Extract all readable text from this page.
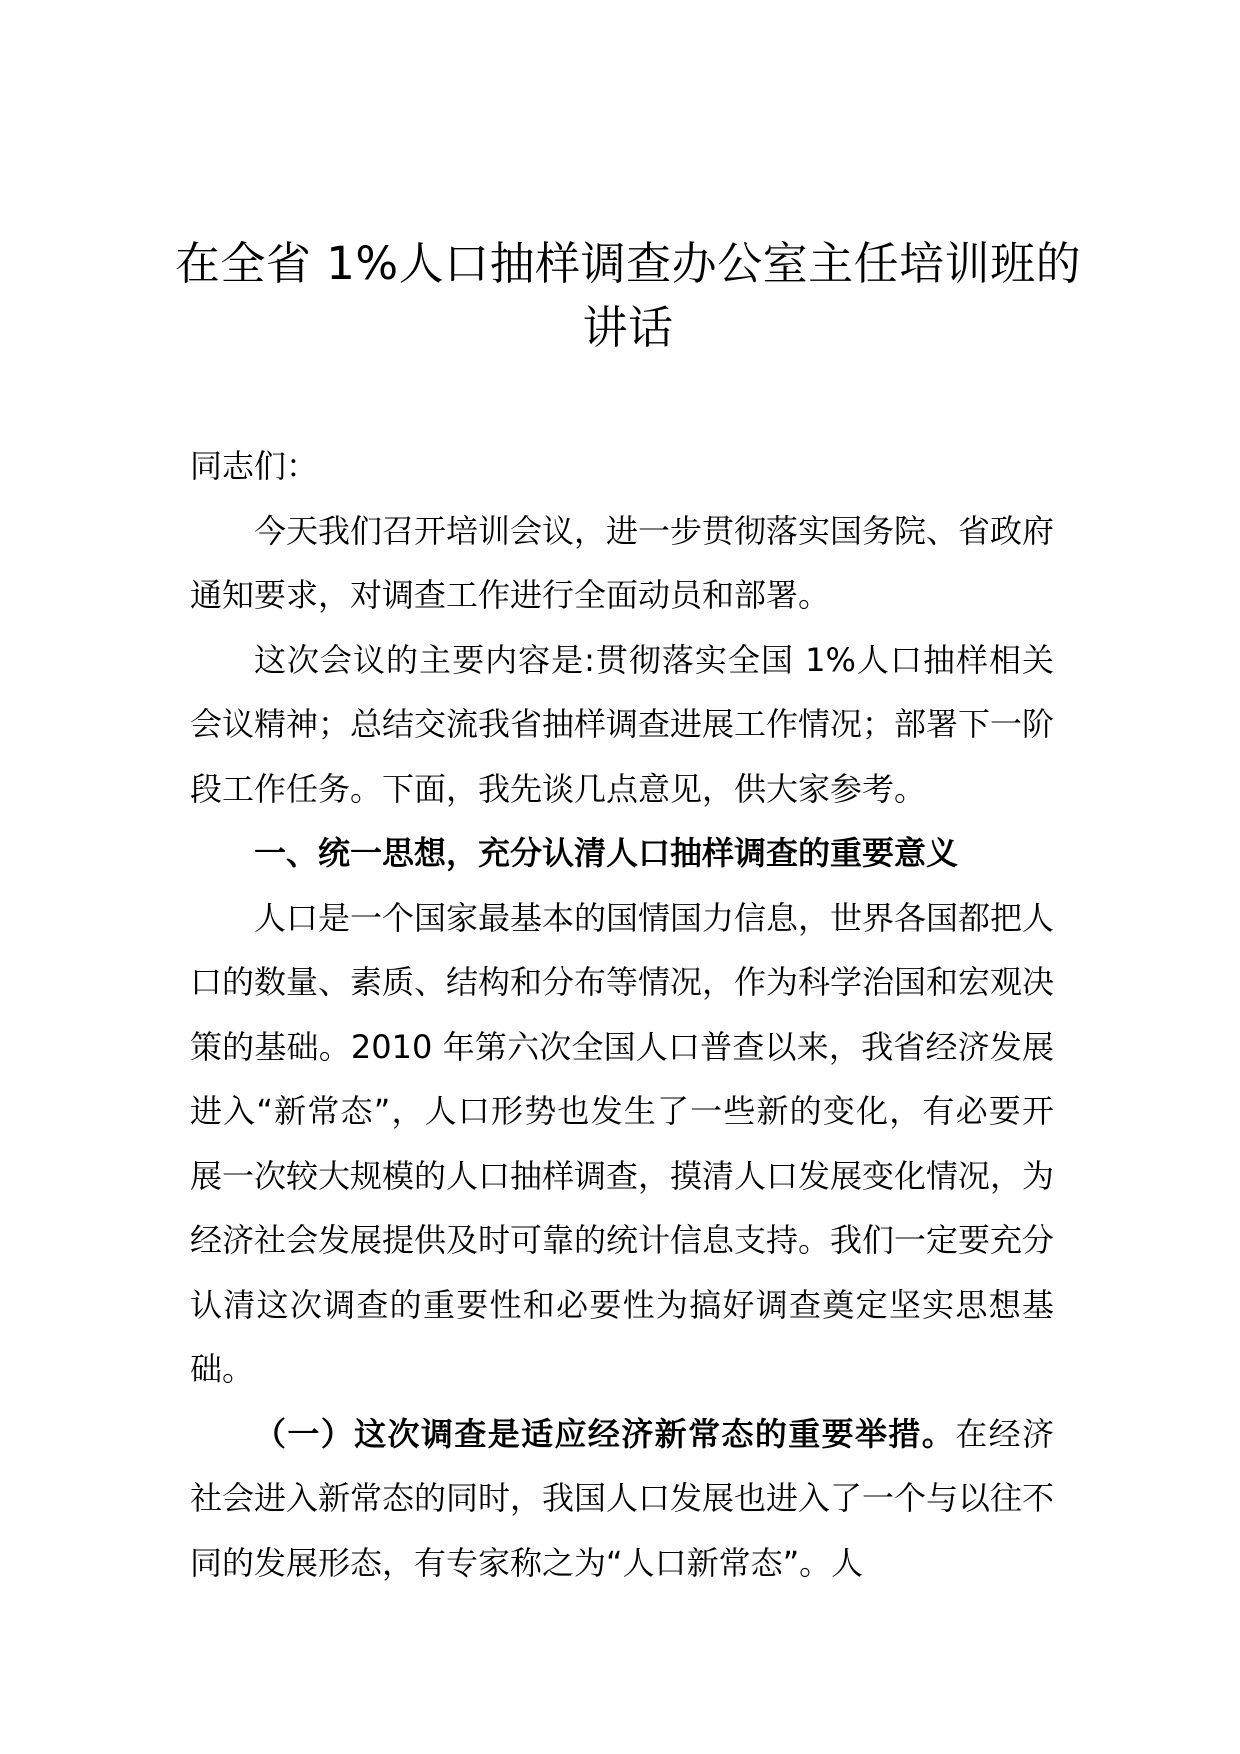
在全省 1%人口抽样调查办公室主任培训班的讲话

同志们：

今天我们召开培训会议，进一步贯彻落实国务院、省政府通知要求，对调查工作进行全面动员和部署。

这次会议的主要内容是:贯彻落实全国 1%人口抽样相关会议精神；总结交流我省抽样调查进展工作情况；部署下一阶段工作任务。下面，我先谈几点意见，供大家参考。

一、统一思想，充分认清人口抽样调查的重要意义

人口是一个国家最基本的国情国力信息，世界各国都把人口的数量、素质、结构和分布等情况，作为科学治国和宏观决策的基础。2010 年第六次全国人口普查以来，我省经济发展进入“新常态”，人口形势也发生了一些新的变化，有必要开展一次较大规模的人口抽样调查，摸清人口发展变化情况，为经济社会发展提供及时可靠的统计信息支持。我们一定要充分认清这次调查的重要性和必要性为搞好调查奠定坚实思想基础。

（一）这次调查是适应经济新常态的重要举措。在经济社会进入新常态的同时，我国人口发展也进入了一个与以往不同的发展形态，有专家称之为“人口新常态”。人
